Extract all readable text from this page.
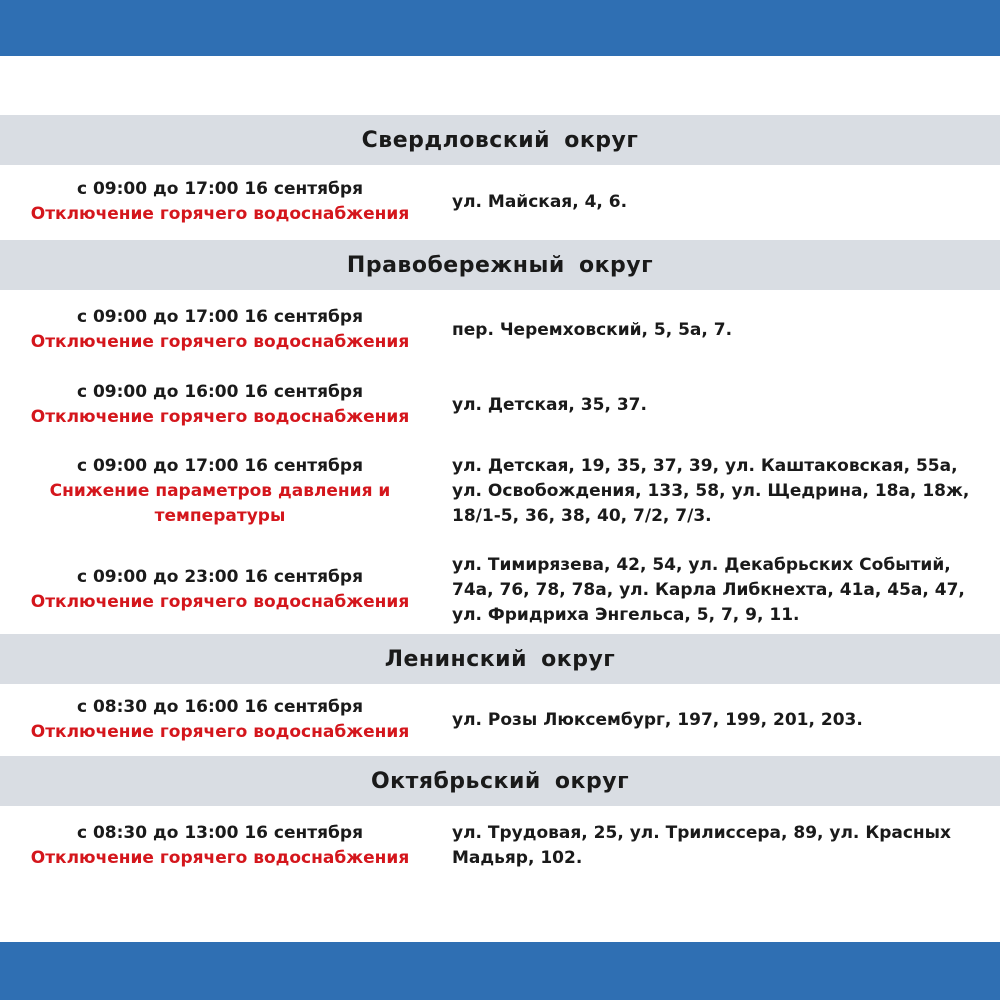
Свердловский округ
с 09:00 до 17:00 16 сентября
Отключение горячего водоснабжения
ул. Майская, 4, 6.
Правобережный округ
с 09:00 до 17:00 16 сентября
Отключение горячего водоснабжения
пер. Черемховский, 5, 5а, 7.
с 09:00 до 16:00 16 сентября
Отключение горячего водоснабжения
ул. Детская, 35, 37.
с 09:00 до 17:00 16 сентября
Снижение параметров давления и температуры
ул. Детская, 19, 35, 37, 39, ул. Каштаковская, 55а, ул. Освобождения, 133, 58, ул. Щедрина, 18а, 18ж, 18/1-5, 36, 38, 40, 7/2, 7/3.
с 09:00 до 23:00 16 сентября
Отключение горячего водоснабжения
ул. Тимирязева, 42, 54, ул. Декабрьских Событий, 74а, 76, 78, 78а, ул. Карла Либкнехта, 41а, 45а, 47, ул. Фридриха Энгельса, 5, 7, 9, 11.
Ленинский округ
с 08:30 до 16:00 16 сентября
Отключение горячего водоснабжения
ул. Розы Люксембург, 197, 199, 201, 203.
Октябрьский округ
с 08:30 до 13:00 16 сентября
Отключение горячего водоснабжения
ул. Трудовая, 25, ул. Трилиссера, 89, ул. Красных Мадьяр, 102.
